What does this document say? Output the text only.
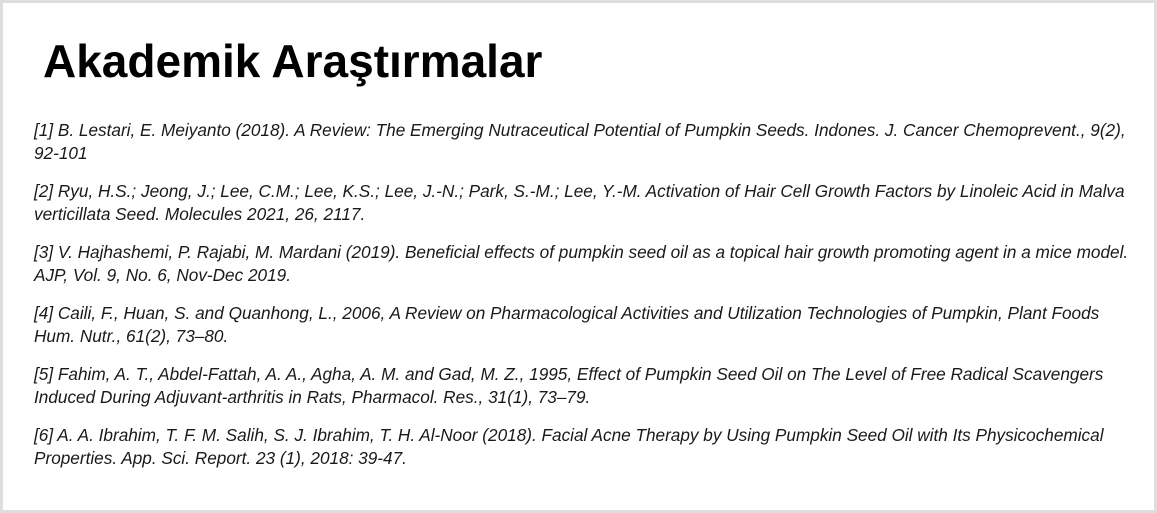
Akademik Araştırmalar
[1] B. Lestari, E. Meiyanto (2018). A Review: The Emerging Nutraceutical Potential of Pumpkin Seeds. Indones. J. Cancer Chemoprevent., 9(2), 92-101
[2] Ryu, H.S.; Jeong, J.; Lee, C.M.; Lee, K.S.; Lee, J.-N.; Park, S.-M.; Lee, Y.-M. Activation of Hair Cell Growth Factors by Linoleic Acid in Malva verticillata Seed. Molecules 2021, 26, 2117.
[3] V. Hajhashemi, P. Rajabi, M. Mardani (2019). Beneficial effects of pumpkin seed oil as a topical hair growth promoting agent in a mice model. AJP, Vol. 9, No. 6, Nov-Dec 2019.
[4] Caili, F., Huan, S. and Quanhong, L., 2006, A Review on Pharmacological Activities and Utilization Technologies of Pumpkin, Plant Foods Hum. Nutr., 61(2), 73–80.
[5] Fahim, A. T., Abdel-Fattah, A. A., Agha, A. M. and Gad, M. Z., 1995, Effect of Pumpkin Seed Oil on The Level of Free Radical Scavengers Induced During Adjuvant-arthritis in Rats, Pharmacol. Res., 31(1), 73–79.
[6] A. A. Ibrahim, T. F. M. Salih, S. J. Ibrahim, T. H. Al-Noor (2018). Facial Acne Therapy by Using Pumpkin Seed Oil with Its Physicochemical Properties. App. Sci. Report. 23 (1), 2018: 39-47.
